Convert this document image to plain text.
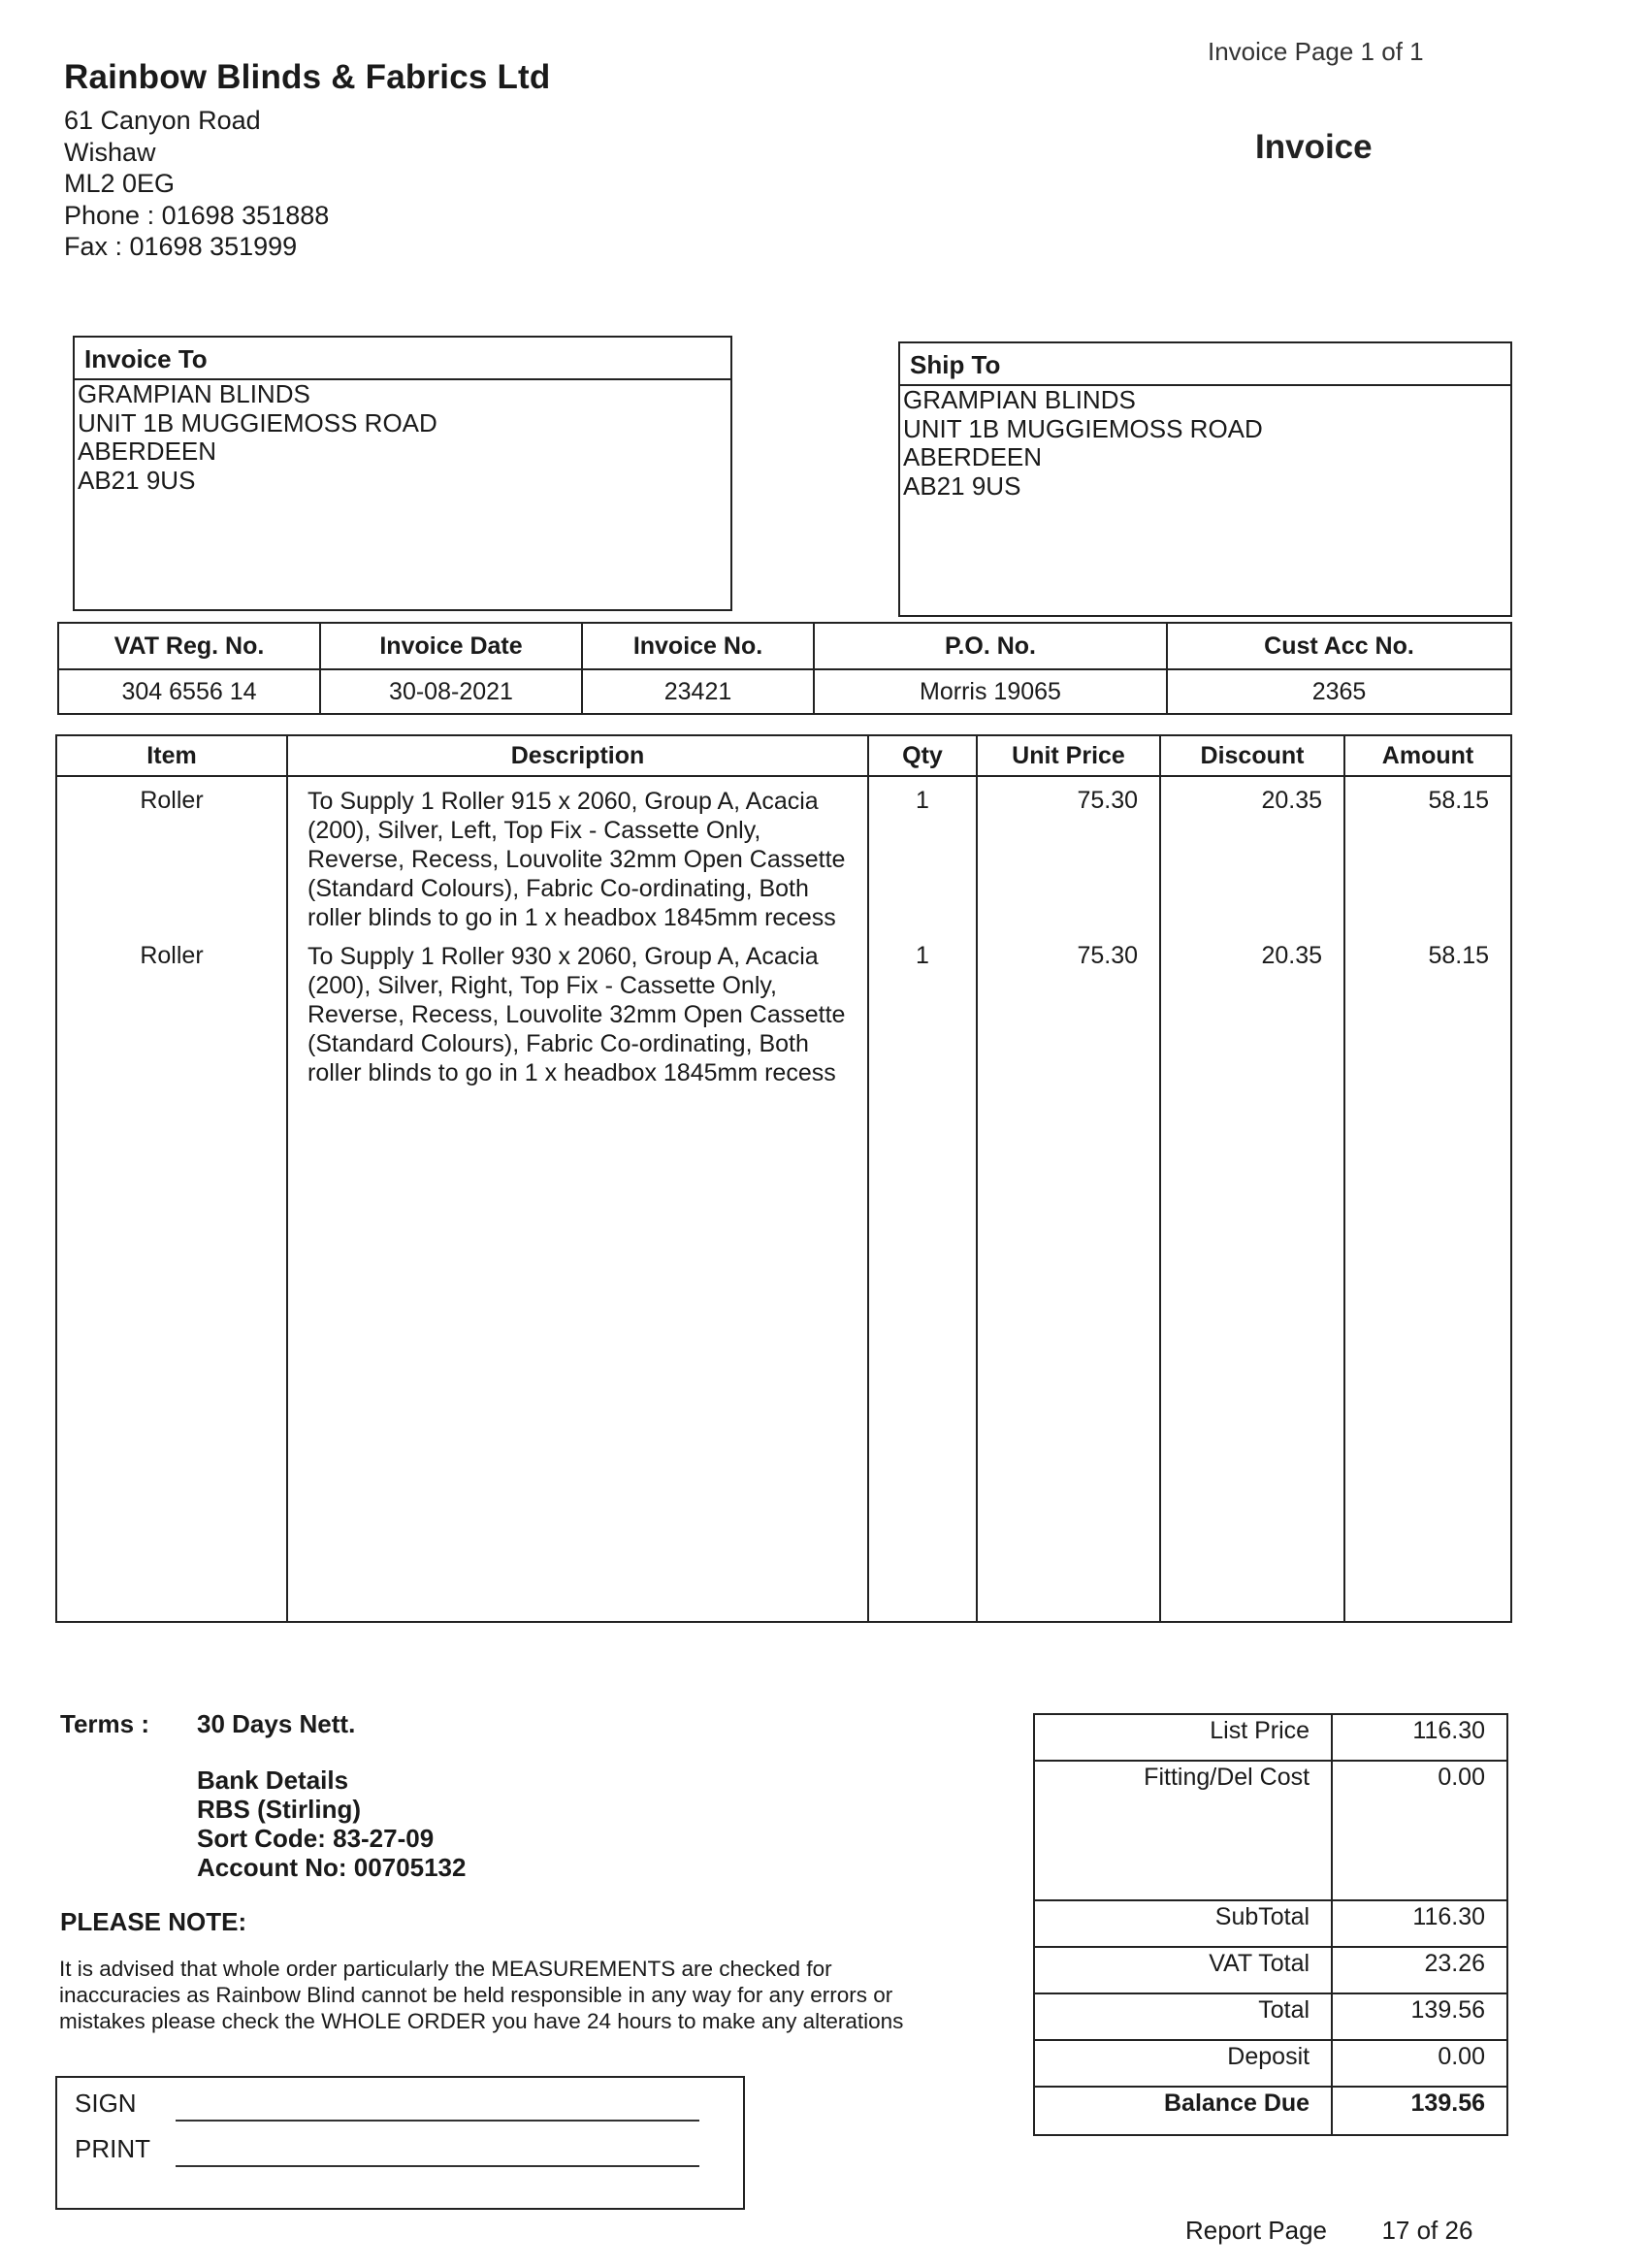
Invoice Page 1 of 1
Rainbow Blinds & Fabrics Ltd
61 Canyon Road
Wishaw
ML2 0EG
Phone : 01698 351888
Fax : 01698 351999
Invoice
Invoice To
GRAMPIAN BLINDS
UNIT 1B MUGGIEMOSS ROAD
ABERDEEN
AB21 9US
Ship To
GRAMPIAN BLINDS
UNIT 1B MUGGIEMOSS ROAD
ABERDEEN
AB21 9US
VAT Reg. No.	Invoice Date	Invoice No.	P.O. No.	Cust Acc No.
304 6556 14	30-08-2021	23421	Morris 19065	2365
Item	Description	Qty	Unit Price	Discount	Amount
Roller	To Supply 1 Roller 915 x 2060, Group A, Acacia (200), Silver, Left, Top Fix - Cassette Only, Reverse, Recess, Louvolite 32mm Open Cassette (Standard Colours), Fabric Co-ordinating, Both roller blinds to go in 1 x headbox 1845mm recess	1	75.30	20.35	58.15
Roller	To Supply 1 Roller 930 x 2060, Group A, Acacia (200), Silver, Right, Top Fix - Cassette Only, Reverse, Recess, Louvolite 32mm Open Cassette (Standard Colours), Fabric Co-ordinating, Both roller blinds to go in 1 x headbox 1845mm recess	1	75.30	20.35	58.15

Terms : 30 Days Nett.
Bank Details
RBS (Stirling)
Sort Code: 83-27-09
Account No: 00705132
PLEASE NOTE:
It is advised that whole order particularly the MEASUREMENTS are checked for
inaccuracies as Rainbow Blind cannot be held responsible in any way for any errors or
mistakes please check the WHOLE ORDER you have 24 hours to make any alterations
SIGN
PRINT
List Price	116.30
Fitting/Del Cost	0.00
SubTotal	116.30
VAT Total	23.26
Total	139.56
Deposit	0.00
Balance Due	139.56
Report Page 17 of 26
